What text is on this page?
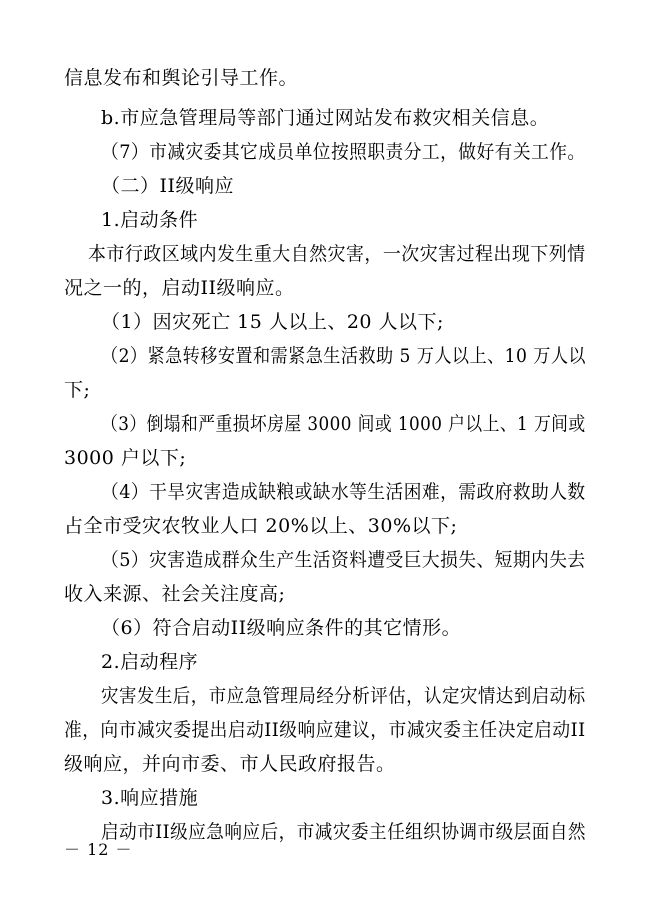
信息发布和舆论引导工作。
b.市应急管理局等部门通过网站发布救灾相关信息。
（7）市减灾委其它成员单位按照职责分工，做好有关工作。
（二）II级响应
1.启动条件
本市行政区域内发生重大自然灾害，一次灾害过程出现下列情
况之一的，启动II级响应。
（1）因灾死亡 15 人以上、20 人以下;
（2）紧急转移安置和需紧急生活救助 5 万人以上、10 万人以
下;
（3）倒塌和严重损坏房屋 3000 间或 1000 户以上、1 万间或
3000 户以下;
（4）干旱灾害造成缺粮或缺水等生活困难，需政府救助人数
占全市受灾农牧业人口 20%以上、30%以下;
（5）灾害造成群众生产生活资料遭受巨大损失、短期内失去
收入来源、社会关注度高;
（6）符合启动II级响应条件的其它情形。
2.启动程序
灾害发生后，市应急管理局经分析评估，认定灾情达到启动标
准，向市减灾委提出启动II级响应建议，市减灾委主任决定启动II
级响应，并向市委、市人民政府报告。
3.响应措施
启动市II级应急响应后，市减灾委主任组织协调市级层面自然
－ 12 －
